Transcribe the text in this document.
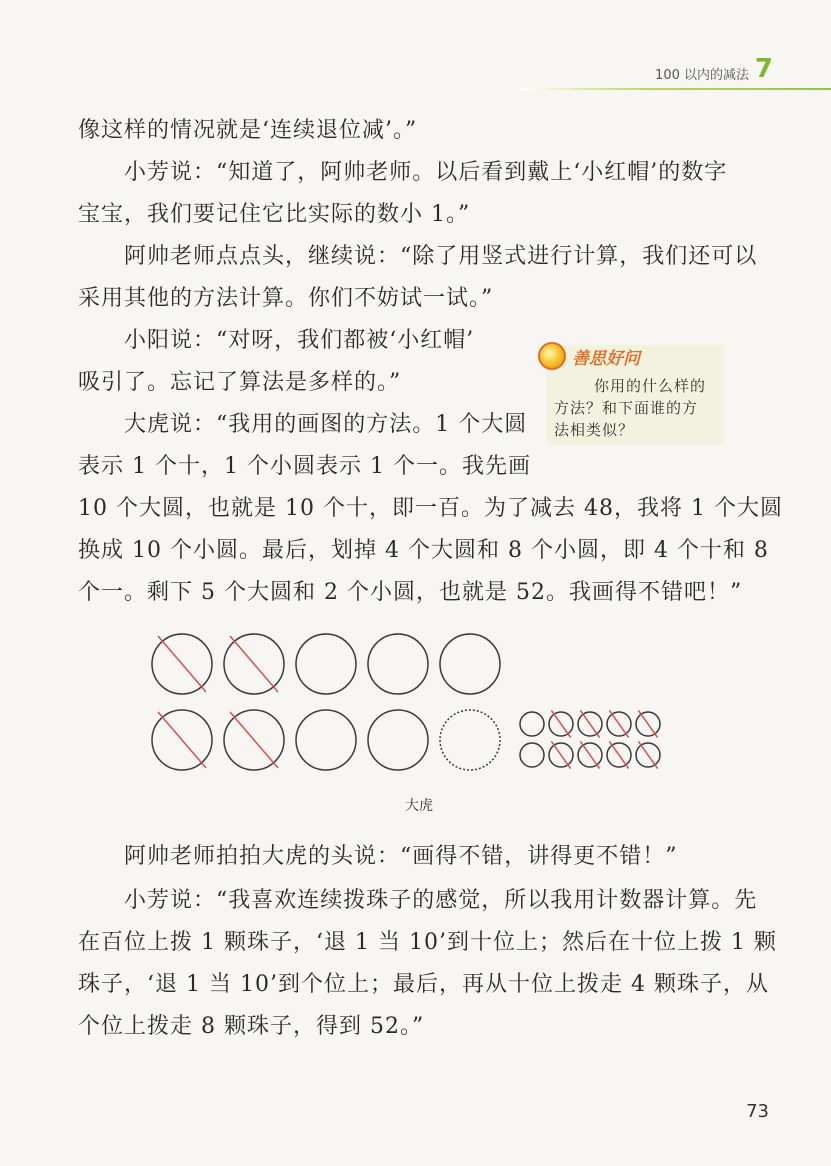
100 以内的减法 7
像这样的情况就是‘连续退位减’。”
小芳说：“知道了，阿帅老师。以后看到戴上‘小红帽’的数字
宝宝，我们要记住它比实际的数小 1。”
阿帅老师点点头，继续说：“除了用竖式进行计算，我们还可以
采用其他的方法计算。你们不妨试一试。”
小阳说：“对呀，我们都被‘小红帽’
吸引了。忘记了算法是多样的。”
大虎说：“我用的画图的方法。1 个大圆
表示 1 个十，1 个小圆表示 1 个一。我先画
10 个大圆，也就是 10 个十，即一百。为了减去 48，我将 1 个大圆
换成 10 个小圆。最后，划掉 4 个大圆和 8 个小圆，即 4 个十和 8
个一。剩下 5 个大圆和 2 个小圆，也就是 52。我画得不错吧！”
善思好问
你用的什么样的
方法？和下面谁的方
法相类似？
大虎
阿帅老师拍拍大虎的头说：“画得不错，讲得更不错！”
小芳说：“我喜欢连续拨珠子的感觉，所以我用计数器计算。先
在百位上拨 1 颗珠子，‘退 1 当 10’到十位上；然后在十位上拨 1 颗
珠子，‘退 1 当 10’到个位上；最后，再从十位上拨走 4 颗珠子，从
个位上拨走 8 颗珠子，得到 52。”
73
